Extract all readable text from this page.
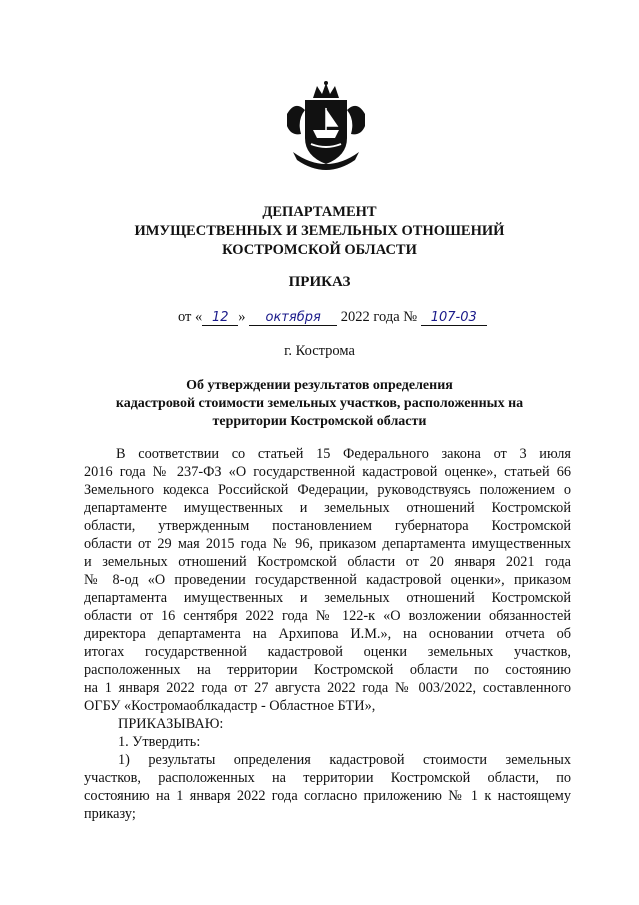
ДЕПАРТАМЕНТ
ИМУЩЕСТВЕННЫХ И ЗЕМЕЛЬНЫХ ОТНОШЕНИЙ
КОСТРОМСКОЙ ОБЛАСТИ
ПРИКАЗ
от « 12 » октября 2022 года № 107-03
г. Кострома
Об утверждении результатов определения
кадастровой стоимости земельных участков, расположенных на
территории Костромской области
В соответствии со статьей 15 Федерального закона от 3 июля
2016 года № 237-ФЗ «О государственной кадастровой оценке», статьей 66
Земельного кодекса Российской Федерации, руководствуясь положением о
департаменте имущественных и земельных отношений Костромской
области, утвержденным постановлением губернатора Костромской
области от 29 мая 2015 года № 96, приказом департамента имущественных
и земельных отношений Костромской области от 20 января 2021 года
№ 8-од «О проведении государственной кадастровой оценки», приказом
департамента имущественных и земельных отношений Костромской
области от 16 сентября 2022 года № 122-к «О возложении обязанностей
директора департамента на Архипова И.М.», на основании отчета об
итогах государственной кадастровой оценки земельных участков,
расположенных на территории Костромской области по состоянию
на 1 января 2022 года от 27 августа 2022 года № 003/2022, составленного
ОГБУ «Костромаоблкадастр - Областное БТИ»,
ПРИКАЗЫВАЮ:
1. Утвердить:
1) результаты определения кадастровой стоимости земельных
участков, расположенных на территории Костромской области, по
состоянию на 1 января 2022 года согласно приложению № 1 к настоящему
приказу;
